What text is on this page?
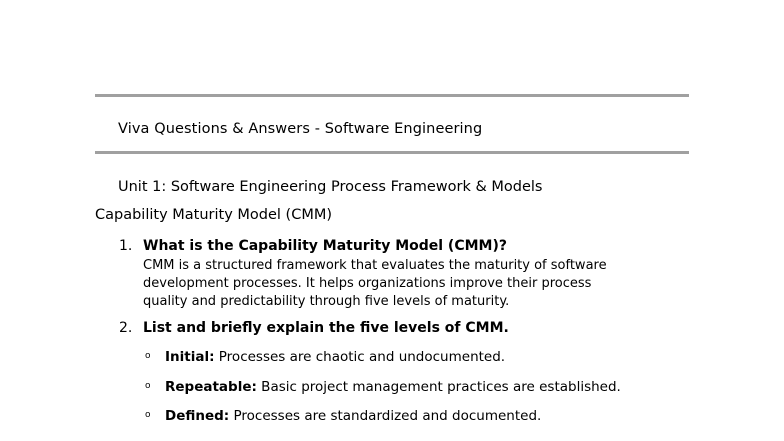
Viva Questions & Answers - Software Engineering
Unit 1: Software Engineering Process Framework & Models
Capability Maturity Model (CMM)
1. What is the Capability Maturity Model (CMM)?
CMM is a structured framework that evaluates the maturity of software
development processes. It helps organizations improve their process
quality and predictability through five levels of maturity.
2. List and briefly explain the five levels of CMM.
o Initial: Processes are chaotic and undocumented.
o Repeatable: Basic project management practices are established.
o Defined: Processes are standardized and documented.
